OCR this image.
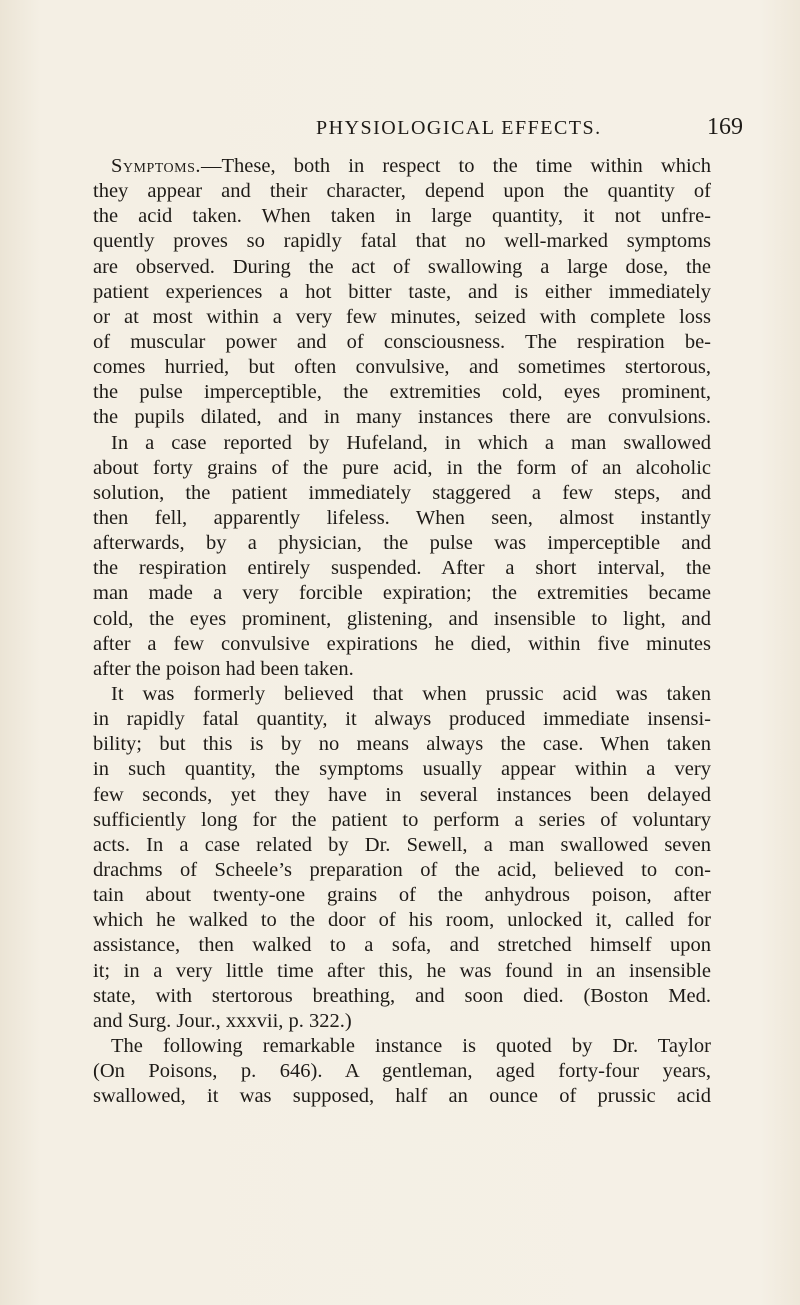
PHYSIOLOGICAL EFFECTS.	169
Symptoms.—These, both in respect to the time within which
they appear and their character, depend upon the quantity of
the acid taken. When taken in large quantity, it not unfre-
quently proves so rapidly fatal that no well-marked symptoms
are observed. During the act of swallowing a large dose, the
patient experiences a hot bitter taste, and is either immediately
or at most within a very few minutes, seized with complete loss
of muscular power and of consciousness. The respiration be-
comes hurried, but often convulsive, and sometimes stertorous,
the pulse imperceptible, the extremities cold, eyes prominent,
the pupils dilated, and in many instances there are convulsions.
In a case reported by Hufeland, in which a man swallowed
about forty grains of the pure acid, in the form of an alcoholic
solution, the patient immediately staggered a few steps, and
then fell, apparently lifeless. When seen, almost instantly
afterwards, by a physician, the pulse was imperceptible and
the respiration entirely suspended. After a short interval, the
man made a very forcible expiration; the extremities became
cold, the eyes prominent, glistening, and insensible to light, and
after a few convulsive expirations he died, within five minutes
after the poison had been taken.
It was formerly believed that when prussic acid was taken
in rapidly fatal quantity, it always produced immediate insensi-
bility; but this is by no means always the case. When taken
in such quantity, the symptoms usually appear within a very
few seconds, yet they have in several instances been delayed
sufficiently long for the patient to perform a series of voluntary
acts. In a case related by Dr. Sewell, a man swallowed seven
drachms of Scheele’s preparation of the acid, believed to con-
tain about twenty-one grains of the anhydrous poison, after
which he walked to the door of his room, unlocked it, called for
assistance, then walked to a sofa, and stretched himself upon
it; in a very little time after this, he was found in an insensible
state, with stertorous breathing, and soon died. (Boston Med.
and Surg. Jour., xxxvii, p. 322.)
The following remarkable instance is quoted by Dr. Taylor
(On Poisons, p. 646). A gentleman, aged forty-four years,
swallowed, it was supposed, half an ounce of prussic acid
